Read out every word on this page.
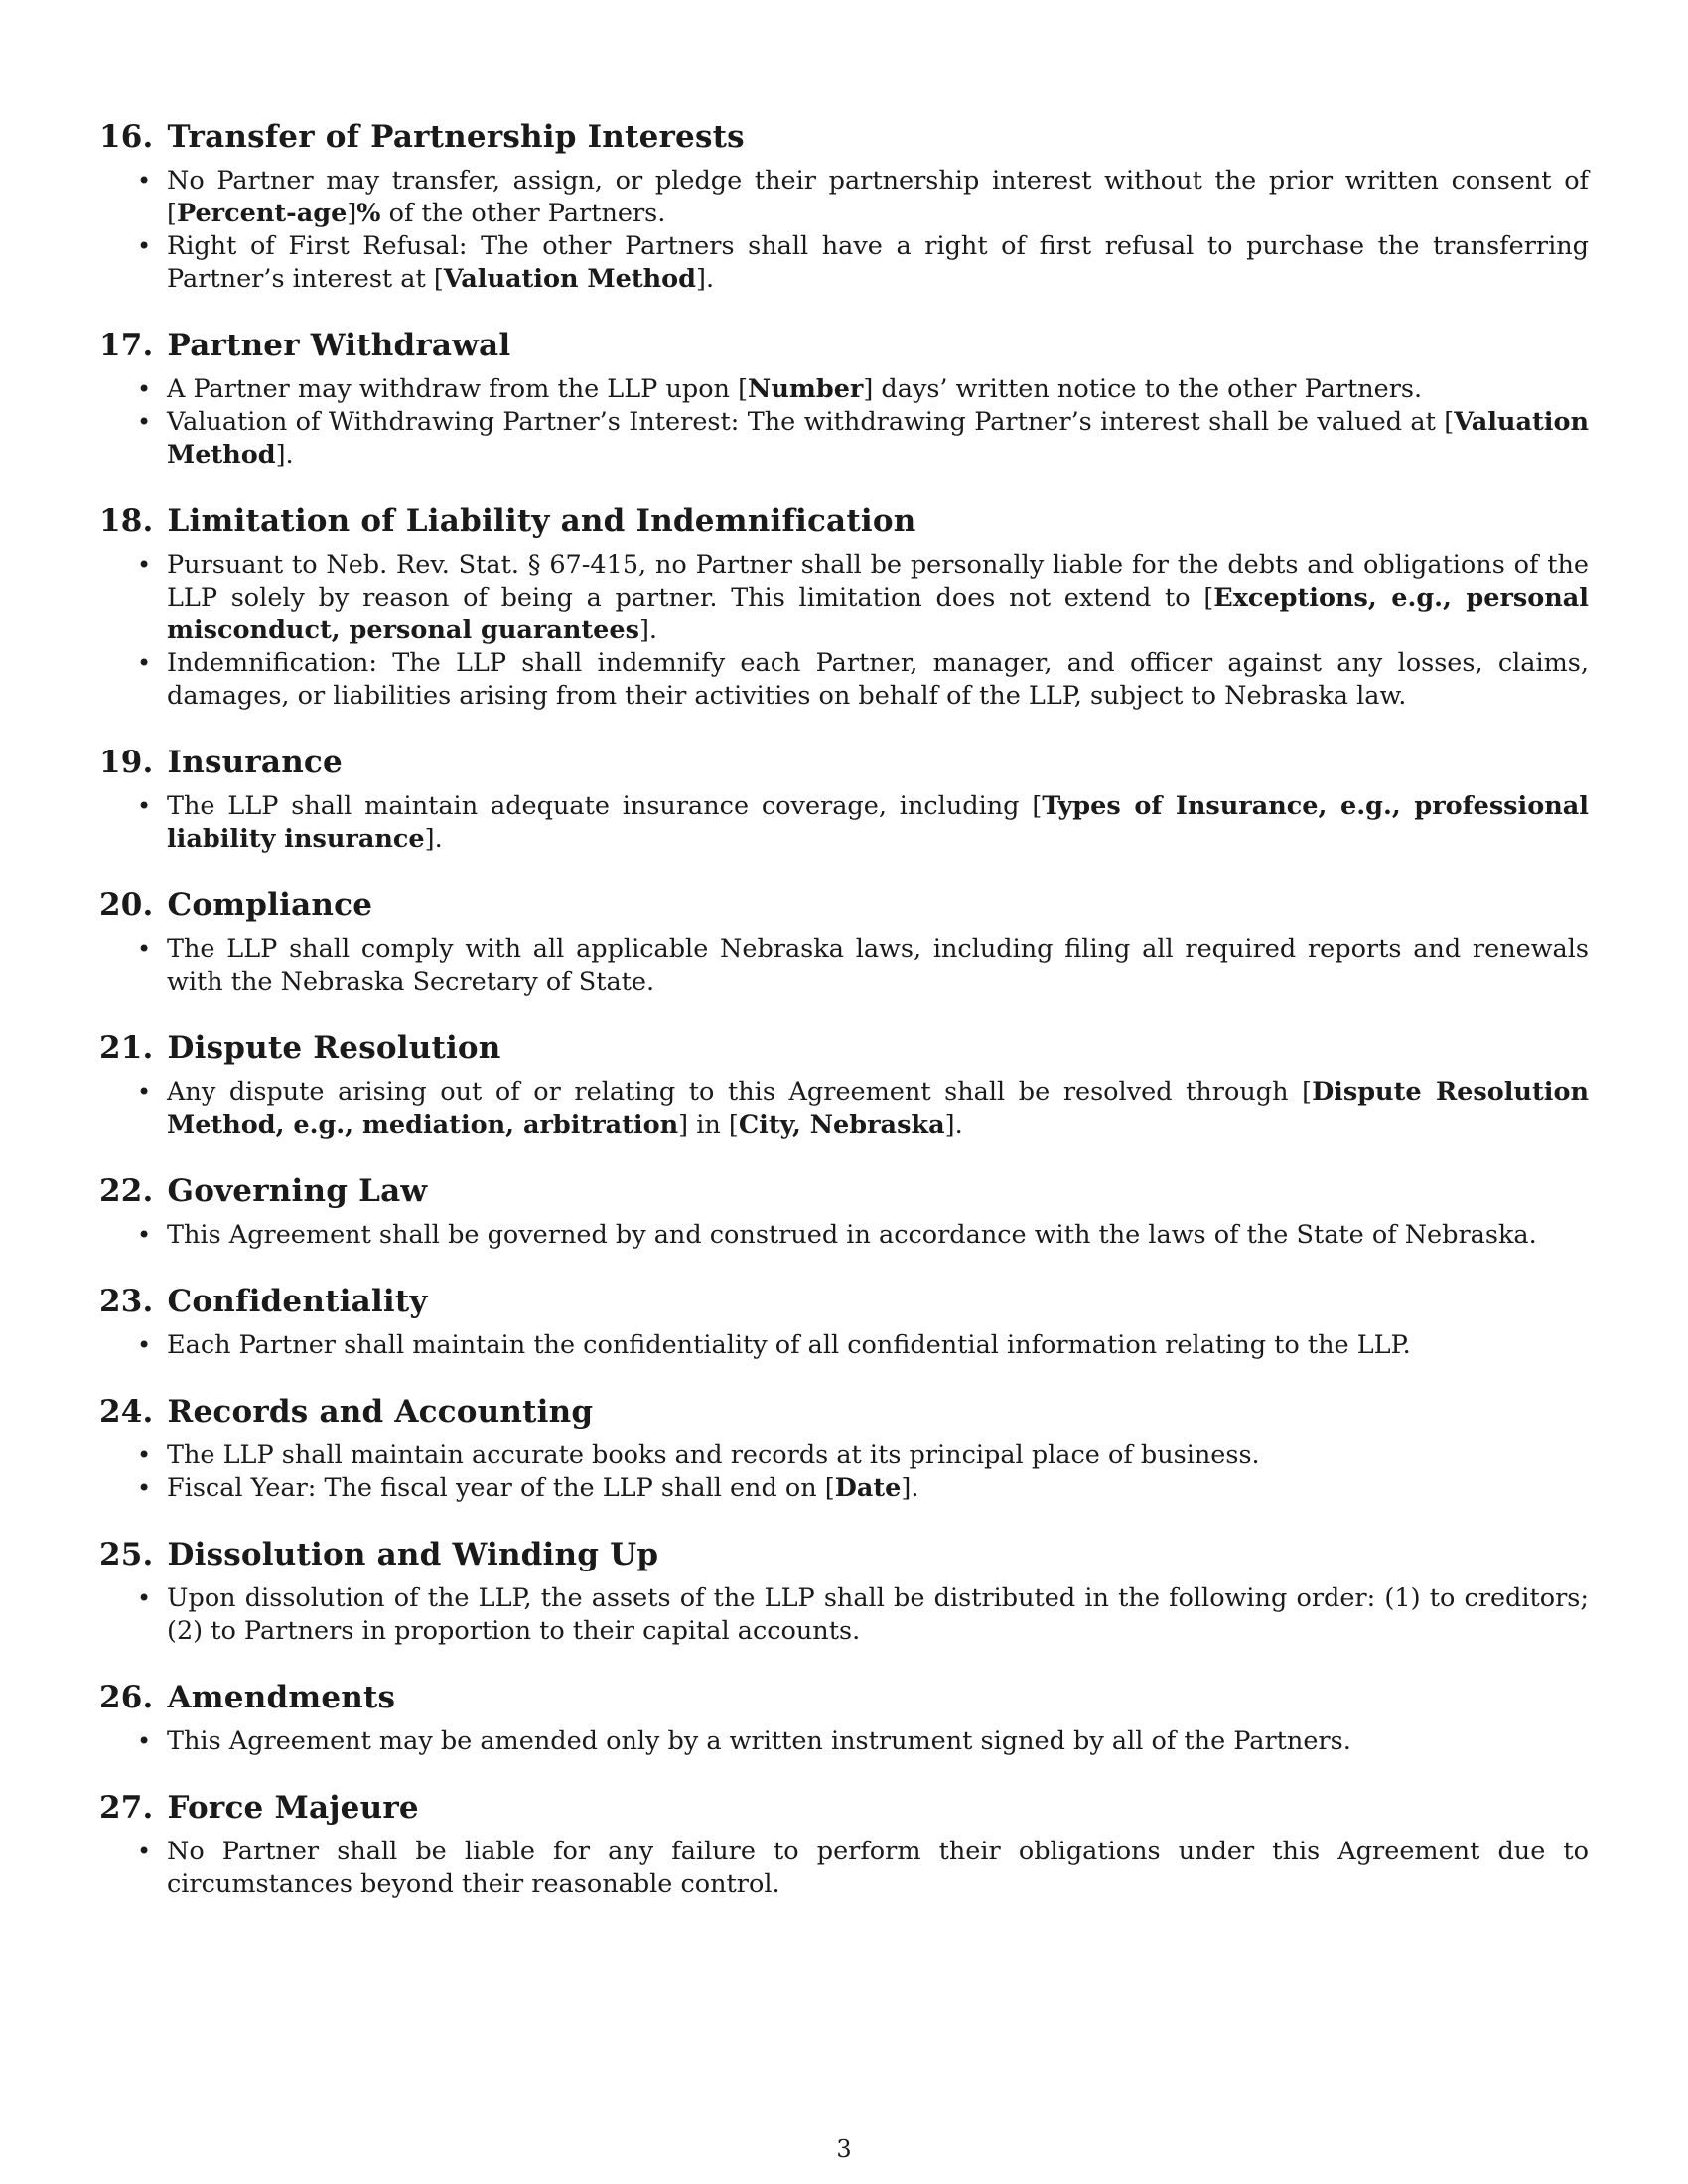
16. Transfer of Partnership Interests
• No Partner may transfer, assign, or pledge their partnership interest without the prior written consent of [Percent-age]% of the other Partners.
• Right of First Refusal: The other Partners shall have a right of first refusal to purchase the transferring Partner’s interest at [Valuation Method].
17. Partner Withdrawal
• A Partner may withdraw from the LLP upon [Number] days’ written notice to the other Partners.
• Valuation of Withdrawing Partner’s Interest: The withdrawing Partner’s interest shall be valued at [Valuation Method].
18. Limitation of Liability and Indemnification
• Pursuant to Neb. Rev. Stat. § 67-415, no Partner shall be personally liable for the debts and obligations of the LLP solely by reason of being a partner. This limitation does not extend to [Exceptions, e.g., personal misconduct, personal guarantees].
• Indemnification: The LLP shall indemnify each Partner, manager, and officer against any losses, claims, damages, or liabilities arising from their activities on behalf of the LLP, subject to Nebraska law.
19. Insurance
• The LLP shall maintain adequate insurance coverage, including [Types of Insurance, e.g., professional liability insurance].
20. Compliance
• The LLP shall comply with all applicable Nebraska laws, including filing all required reports and renewals with the Nebraska Secretary of State.
21. Dispute Resolution
• Any dispute arising out of or relating to this Agreement shall be resolved through [Dispute Resolution Method, e.g., mediation, arbitration] in [City, Nebraska].
22. Governing Law
• This Agreement shall be governed by and construed in accordance with the laws of the State of Nebraska.
23. Confidentiality
• Each Partner shall maintain the confidentiality of all confidential information relating to the LLP.
24. Records and Accounting
• The LLP shall maintain accurate books and records at its principal place of business.
• Fiscal Year: The fiscal year of the LLP shall end on [Date].
25. Dissolution and Winding Up
• Upon dissolution of the LLP, the assets of the LLP shall be distributed in the following order: (1) to creditors; (2) to Partners in proportion to their capital accounts.
26. Amendments
• This Agreement may be amended only by a written instrument signed by all of the Partners.
27. Force Majeure
• No Partner shall be liable for any failure to perform their obligations under this Agreement due to circumstances beyond their reasonable control.
3
